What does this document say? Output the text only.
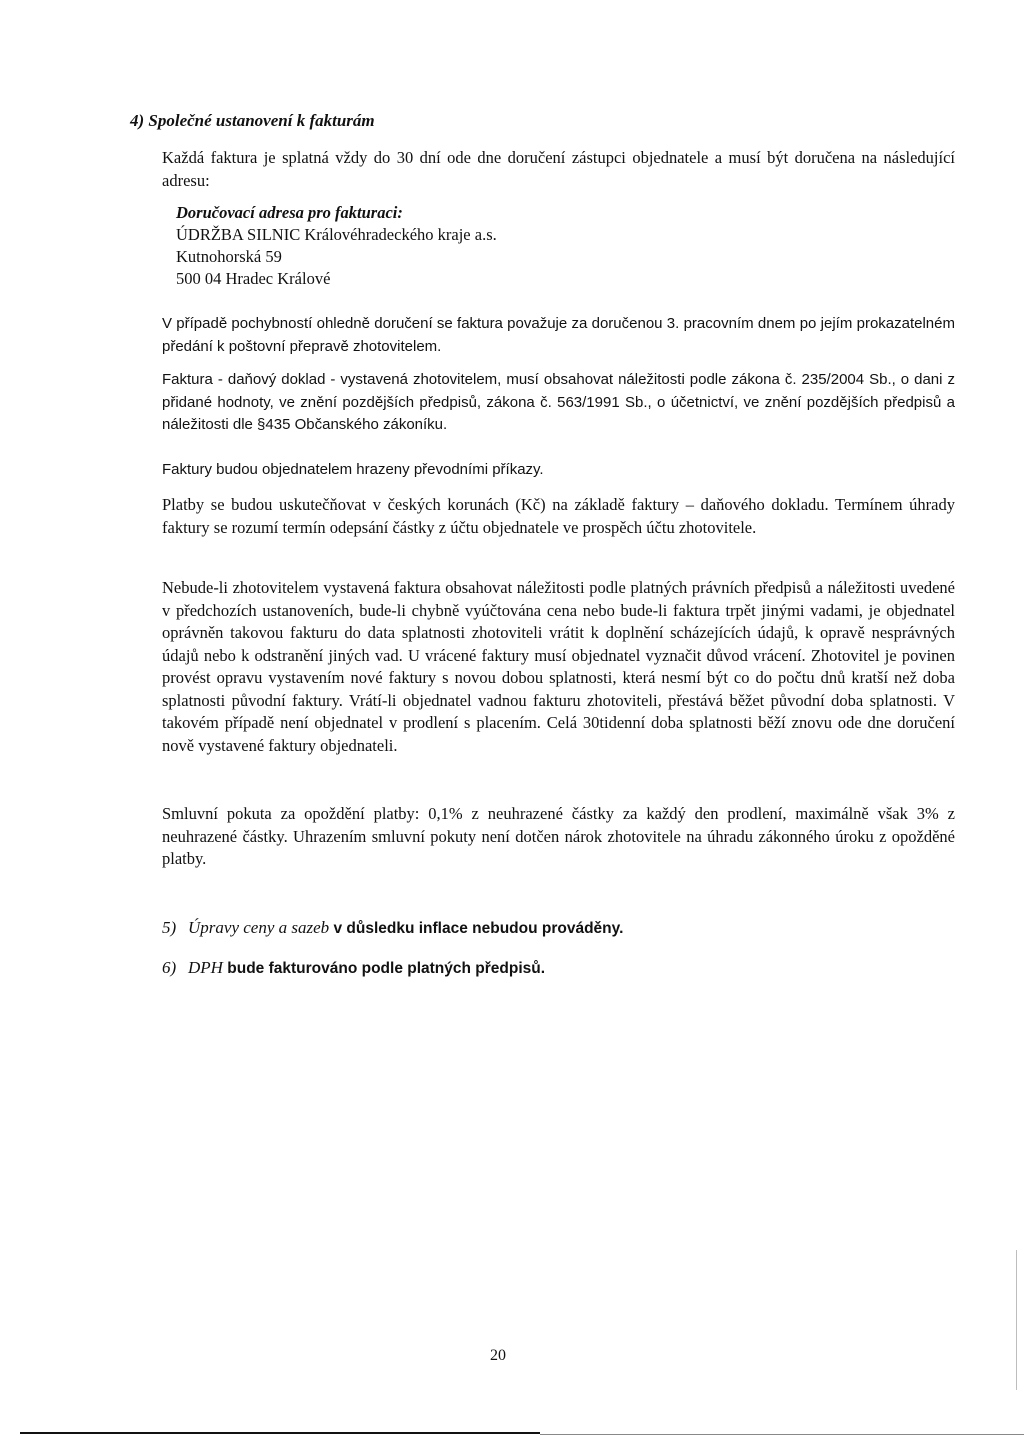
4) Společné ustanovení k fakturám

Každá faktura je splatná vždy do 30 dní ode dne doručení zástupci objednatele a musí být doručena na následující adresu:

Doručovací adresa pro fakturaci:

ÚDRŽBA SILNIC Královéhradeckého kraje a.s.

Kutnohorská 59

500 04 Hradec Králové

V případě pochybností ohledně doručení se faktura považuje za doručenou 3. pracovním dnem po jejím prokazatelném předání k poštovní přepravě zhotovitelem.

Faktura - daňový doklad - vystavená zhotovitelem, musí obsahovat náležitosti podle zákona č. 235/2004 Sb., o dani z přidané hodnoty, ve znění pozdějších předpisů, zákona č. 563/1991 Sb., o účetnictví, ve znění pozdějších předpisů a náležitosti dle §435 Občanského zákoníku.

Faktury budou objednatelem hrazeny převodními příkazy.

Platby se budou uskutečňovat v českých korunách (Kč) na základě faktury – daňového dokladu. Termínem úhrady faktury se rozumí termín odepsání částky z účtu objednatele ve prospěch účtu zhotovitele.

Nebude-li zhotovitelem vystavená faktura obsahovat náležitosti podle platných právních předpisů a náležitosti uvedené v předchozích ustanoveních, bude-li chybně vyúčtována cena nebo bude-li faktura trpět jinými vadami, je objednatel oprávněn takovou fakturu do data splatnosti zhotoviteli vrátit k doplnění scházejících údajů, k opravě nesprávných údajů nebo k odstranění jiných vad. U vrácené faktury musí objednatel vyznačit důvod vrácení. Zhotovitel je povinen provést opravu vystavením nové faktury s novou dobou splatnosti, která nesmí být co do počtu dnů kratší než doba splatnosti původní faktury. Vrátí-li objednatel vadnou fakturu zhotoviteli, přestává běžet původní doba splatnosti. V takovém případě není objednatel v prodlení s placením. Celá 30tidenní doba splatnosti běží znovu ode dne doručení nově vystavené faktury objednateli.

Smluvní pokuta za opoždění platby: 0,1% z neuhrazené částky za každý den prodlení, maximálně však 3% z neuhrazené částky. Uhrazením smluvní pokuty není dotčen nárok zhotovitele na úhradu zákonného úroku z opožděné platby.

5) Úpravy ceny a sazeb v důsledku inflace nebudou prováděny.

6) DPH bude fakturováno podle platných předpisů.

20
